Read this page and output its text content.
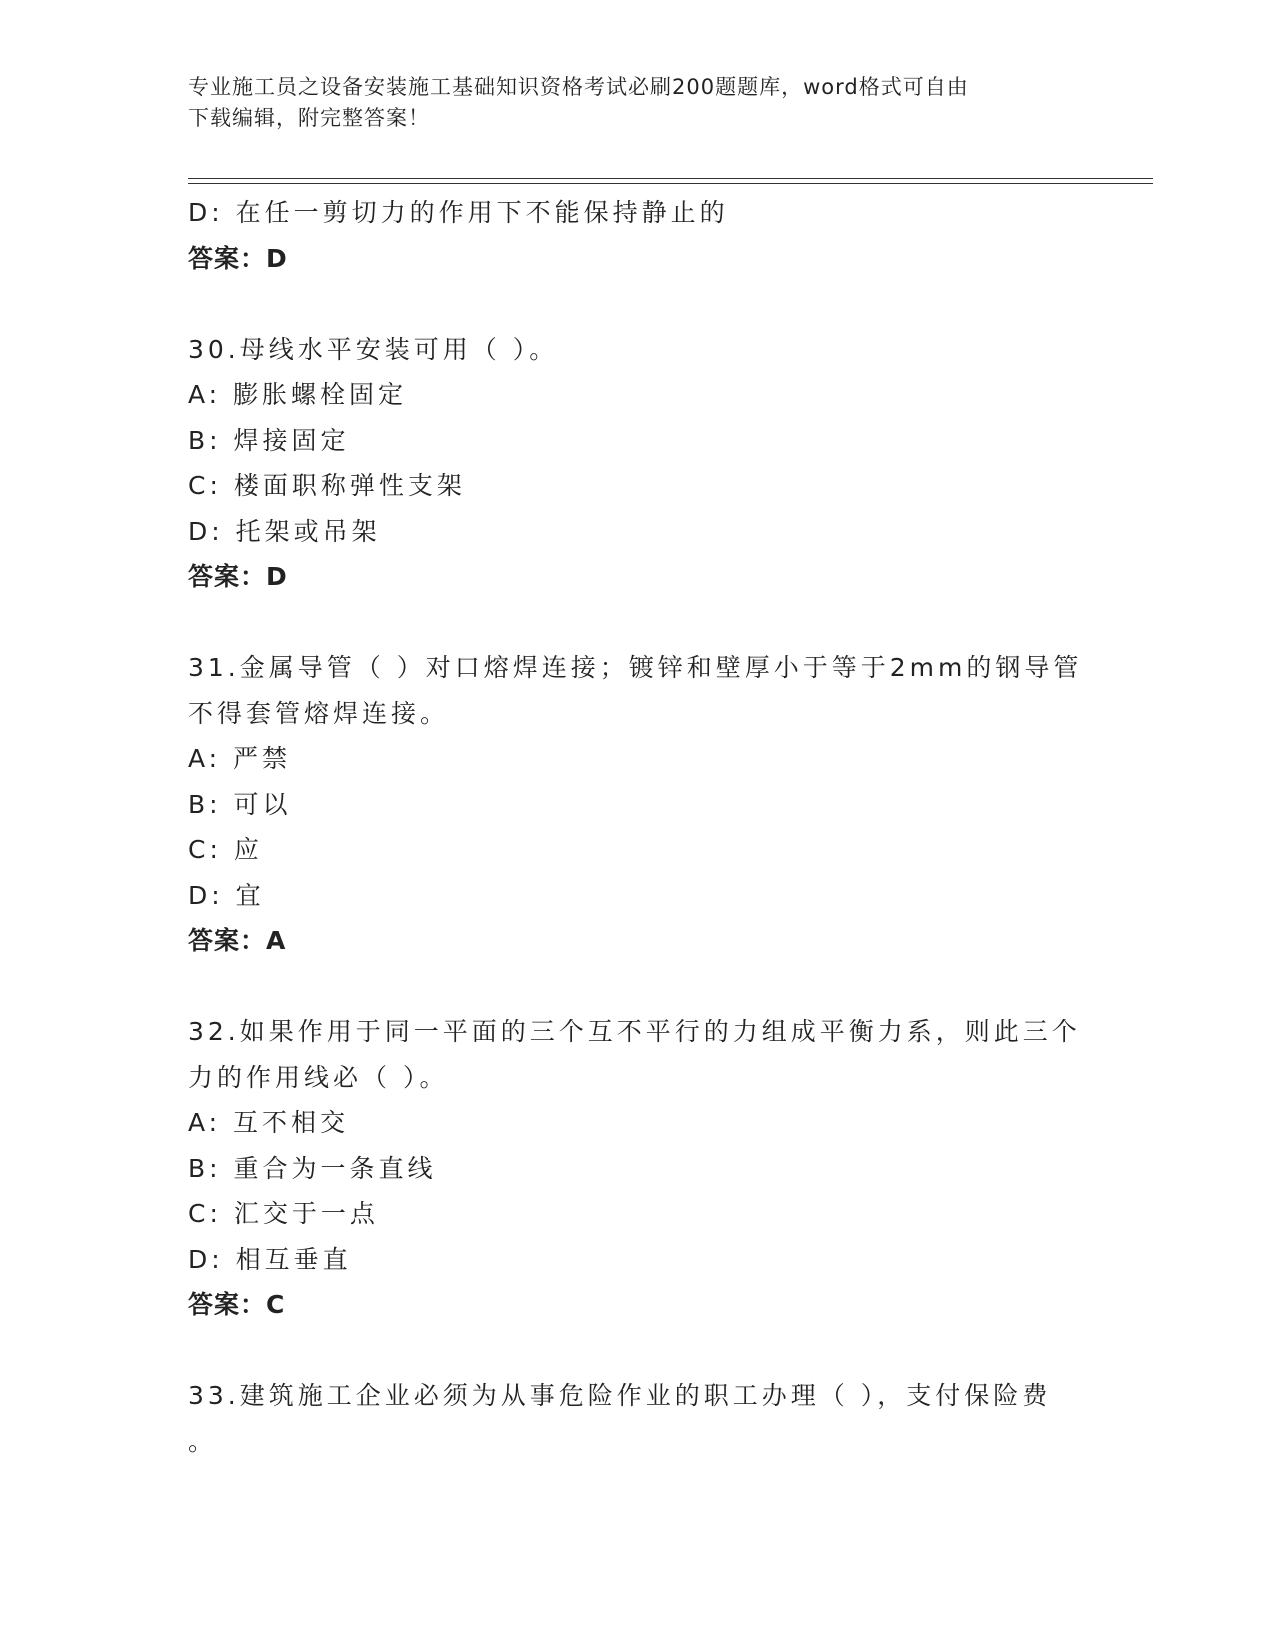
专业施工员之设备安装施工基础知识资格考试必刷200题题库，word格式可自由
下载编辑，附完整答案！
D: 在任一剪切力的作用下不能保持静止的
答案：D
30.母线水平安装可用（ ）。
A: 膨胀螺栓固定
B: 焊接固定
C: 楼面职称弹性支架
D: 托架或吊架
答案：D
31.金属导管（ ）对口熔焊连接；镀锌和壁厚小于等于2mm的钢导管
不得套管熔焊连接。
A: 严禁
B: 可以
C: 应
D: 宜
答案：A
32.如果作用于同一平面的三个互不平行的力组成平衡力系，则此三个
力的作用线必（ ）。
A: 互不相交
B: 重合为一条直线
C: 汇交于一点
D: 相互垂直
答案：C
33.建筑施工企业必须为从事危险作业的职工办理（ ），支付保险费
。
